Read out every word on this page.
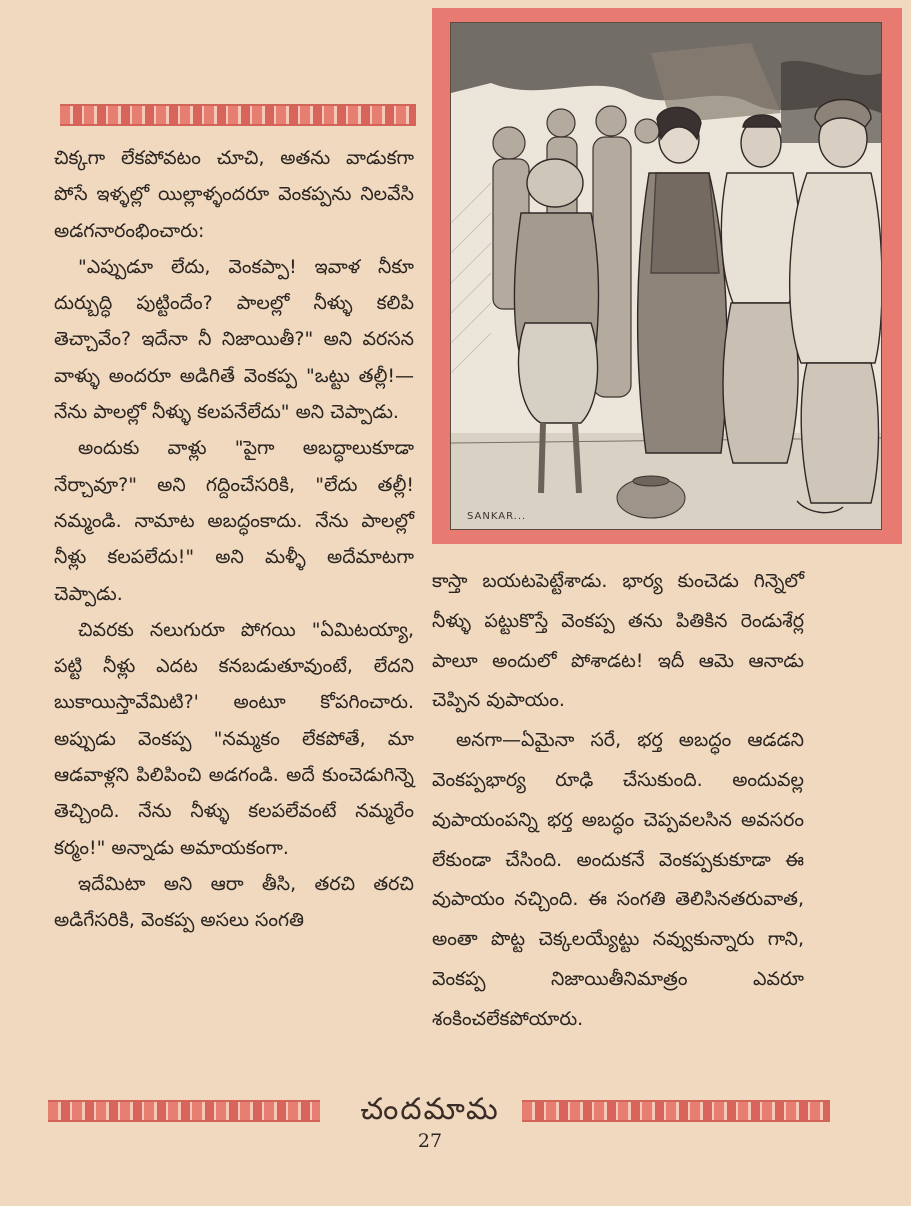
చిక్కగా లేకపోవటం చూచి, అతను వాడుకగా పోసే ఇళ్ళల్లో యిల్లాళ్ళందరూ వెంకప్పను నిలవేసి అడగనారంభించారు:

"ఎప్పుడూ లేదు, వెంకప్పా! ఇవాళ నీకూ దుర్బుద్ధి పుట్టిందేం? పాలల్లో నీళ్ళు కలిపి తెచ్చావేం? ఇదేనా నీ నిజాయితీ?" అని వరసన వాళ్ళు అందరూ అడిగితే వెంకప్ప "ఒట్టు తల్లీ!—నేను పాలల్లో నీళ్ళు కలపనేలేదు" అని చెప్పాడు.

అందుకు వాళ్లు "పైగా అబద్ధాలుకూడా నేర్చావూ?" అని గద్దించేసరికి, "లేదు తల్లీ! నమ్మండి. నామాట అబద్ధంకాదు. నేను పాలల్లో నీళ్లు కలపలేదు!" అని మళ్ళీ అదేమాటగా చెప్పాడు.

చివరకు నలుగురూ పోగయి "ఏమిటయ్యా, పట్టి నీళ్లు ఎదట కనబడుతూవుంటే, లేదని బుకాయిస్తావేమిటి?' అంటూ కోపగించారు. అప్పుడు వెంకప్ప "నమ్మకం లేకపోతే, మా ఆడవాళ్లని పిలిపించి అడగండి. అదే కుంచెడుగిన్నె తెచ్చింది. నేను నీళ్ళు కలపలేవంటే నమ్మరేం కర్మం!" అన్నాడు అమాయకంగా.

ఇదేమిటా అని ఆరా తీసి, తరచి తరచి అడిగేసరికి, వెంకప్ప అసలు సంగతి

SANKAR...

కాస్తా బయటపెట్టేశాడు. భార్య కుంచెడు గిన్నెలో నీళ్ళు పట్టుకొస్తే వెంకప్ప తను పితికిన రెండుశేర్ల పాలూ అందులో పోశాడట! ఇదీ ఆమె ఆనాడు చెప్పిన వుపాయం.

అనగా—ఏమైనా సరే, భర్త అబద్ధం ఆడడని వెంకప్పభార్య రూఢి చేసుకుంది. అందువల్ల వుపాయంపన్ని భర్త అబద్ధం చెప్పవలసిన అవసరం లేకుండా చేసింది. అందుకనే వెంకప్పకుకూడా ఈ వుపాయం నచ్చింది. ఈ సంగతి తెలిసినతరువాత, అంతా పొట్ట చెక్కలయ్యేట్టు నవ్వుకున్నారు గాని, వెంకప్ప నిజాయితీనిమాత్రం ఎవరూ శంకించలేకపోయారు.

చందమామ
27
